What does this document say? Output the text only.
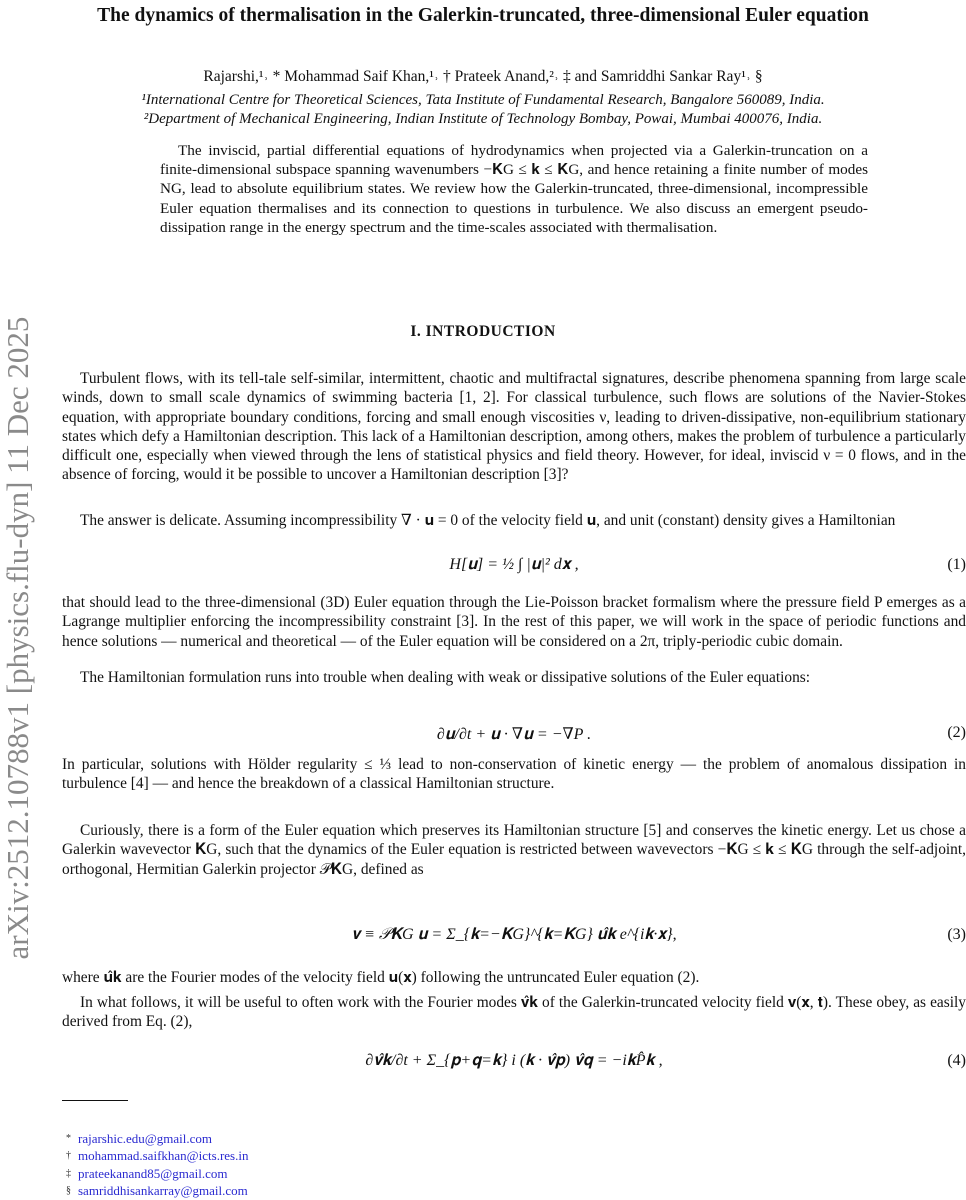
The dynamics of thermalisation in the Galerkin-truncated, three-dimensional Euler equation
Rajarshi,¹˒ * Mohammad Saif Khan,¹˒ † Prateek Anand,²˒ ‡ and Samriddhi Sankar Ray¹˒ §
¹International Centre for Theoretical Sciences, Tata Institute of Fundamental Research, Bangalore 560089, India.
²Department of Mechanical Engineering, Indian Institute of Technology Bombay, Powai, Mumbai 400076, India.
The inviscid, partial differential equations of hydrodynamics when projected via a Galerkin-truncation on a finite-dimensional subspace spanning wavenumbers −𝐊G ≤ 𝐤 ≤ 𝐊G, and hence retaining a finite number of modes NG, lead to absolute equilibrium states. We review how the Galerkin-truncated, three-dimensional, incompressible Euler equation thermalises and its connection to questions in turbulence. We also discuss an emergent pseudo-dissipation range in the energy spectrum and the time-scales associated with thermalisation.
arXiv:2512.10788v1 [physics.flu-dyn] 11 Dec 2025	I. INTRODUCTION
Turbulent flows, with its tell-tale self-similar, intermittent, chaotic and multifractal signatures, describe phenomena spanning from large scale winds, down to small scale dynamics of swimming bacteria [1, 2]. For classical turbulence, such flows are solutions of the Navier-Stokes equation, with appropriate boundary conditions, forcing and small enough viscosities ν, leading to driven-dissipative, non-equilibrium stationary states which defy a Hamiltonian description. This lack of a Hamiltonian description, among others, makes the problem of turbulence a particularly difficult one, especially when viewed through the lens of statistical physics and field theory. However, for ideal, inviscid ν = 0 flows, and in the absence of forcing, would it be possible to uncover a Hamiltonian description [3]?
The answer is delicate. Assuming incompressibility ∇ · 𝐮 = 0 of the velocity field 𝐮, and unit (constant) density gives a Hamiltonian
H[𝐮] = ½ ∫ |𝐮|² d𝐱 ,	(1)
that should lead to the three-dimensional (3D) Euler equation through the Lie-Poisson bracket formalism where the pressure field P emerges as a Lagrange multiplier enforcing the incompressibility constraint [3]. In the rest of this paper, we will work in the space of periodic functions and hence solutions — numerical and theoretical — of the Euler equation will be considered on a 2π, triply-periodic cubic domain.
The Hamiltonian formulation runs into trouble when dealing with weak or dissipative solutions of the Euler equations:
∂𝐮/∂t + 𝐮 · ∇𝐮 = −∇P .	(2)
In particular, solutions with Hölder regularity ≤ ⅓ lead to non-conservation of kinetic energy — the problem of anomalous dissipation in turbulence [4] — and hence the breakdown of a classical Hamiltonian structure.
Curiously, there is a form of the Euler equation which preserves its Hamiltonian structure [5] and conserves the kinetic energy. Let us chose a Galerkin wavevector 𝐊G, such that the dynamics of the Euler equation is restricted between wavevectors −𝐊G ≤ 𝐤 ≤ 𝐊G through the self-adjoint, orthogonal, Hermitian Galerkin projector 𝒫𝐊G, defined as
𝐯 ≡ 𝒫𝐊G 𝐮 = Σ_{𝐤=−𝐊G}^{𝐤=𝐊G} 𝐮̂𝐤 e^{i𝐤·𝐱},	(3)
where 𝐮̂𝐤 are the Fourier modes of the velocity field 𝐮(𝐱) following the untruncated Euler equation (2).
In what follows, it will be useful to often work with the Fourier modes 𝐯̂𝐤 of the Galerkin-truncated velocity field 𝐯(𝐱, 𝐭). These obey, as easily derived from Eq. (2),
∂𝐯̂𝐤/∂t + Σ_{𝐩+𝐪=𝐤} i (𝐤 · 𝐯̂𝐩) 𝐯̂𝐪 = −i𝐤P̂𝐤 ,	(4)
* rajarshic.edu@gmail.com
† mohammad.saifkhan@icts.res.in
‡ prateekanand85@gmail.com
§ samriddhisankarray@gmail.com
